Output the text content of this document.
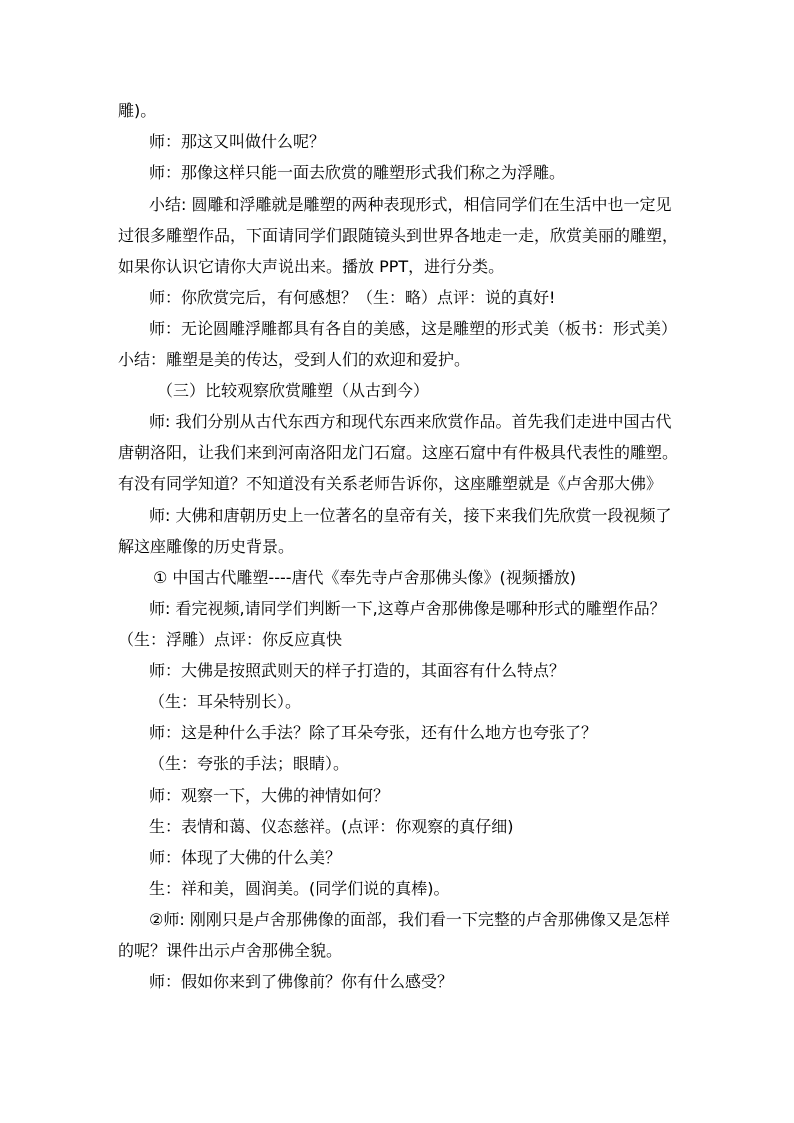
雕)。
师：那这又叫做什么呢？
师：那像这样只能一面去欣赏的雕塑形式我们称之为浮雕。
小结: 圆雕和浮雕就是雕塑的两种表现形式，相信同学们在生活中也一定见
过很多雕塑作品，下面请同学们跟随镜头到世界各地走一走，欣赏美丽的雕塑，
如果你认识它请你大声说出来。播放 PPT，进行分类。
师：你欣赏完后，有何感想？（生：略）点评：说的真好!
师：无论圆雕浮雕都具有各自的美感，这是雕塑的形式美（板书：形式美）
小结：雕塑是美的传达，受到人们的欢迎和爱护。
（三）比较观察欣赏雕塑（从古到今）
师: 我们分别从古代东西方和现代东西来欣赏作品。首先我们走进中国古代
唐朝洛阳，让我们来到河南洛阳龙门石窟。这座石窟中有件极具代表性的雕塑。
有没有同学知道？不知道没有关系老师告诉你，这座雕塑就是《卢舍那大佛》
师: 大佛和唐朝历史上一位著名的皇帝有关，接下来我们先欣赏一段视频了
解这座雕像的历史背景。
① 中国古代雕塑----唐代《奉先寺卢舍那佛头像》(视频播放)
师: 看完视频,请同学们判断一下,这尊卢舍那佛像是哪种形式的雕塑作品？
（生：浮雕）点评：你反应真快
师：大佛是按照武则天的样子打造的，其面容有什么特点？
（生：耳朵特别长）。
师：这是种什么手法？除了耳朵夸张，还有什么地方也夸张了？
（生：夸张的手法；眼睛）。
师：观察一下，大佛的神情如何？
生：表情和蔼、仪态慈祥。(点评：你观察的真仔细)
师：体现了大佛的什么美？
生：祥和美，圆润美。(同学们说的真棒)。
②师: 刚刚只是卢舍那佛像的面部，我们看一下完整的卢舍那佛像又是怎样
的呢？课件出示卢舍那佛全貌。
师：假如你来到了佛像前？你有什么感受？
